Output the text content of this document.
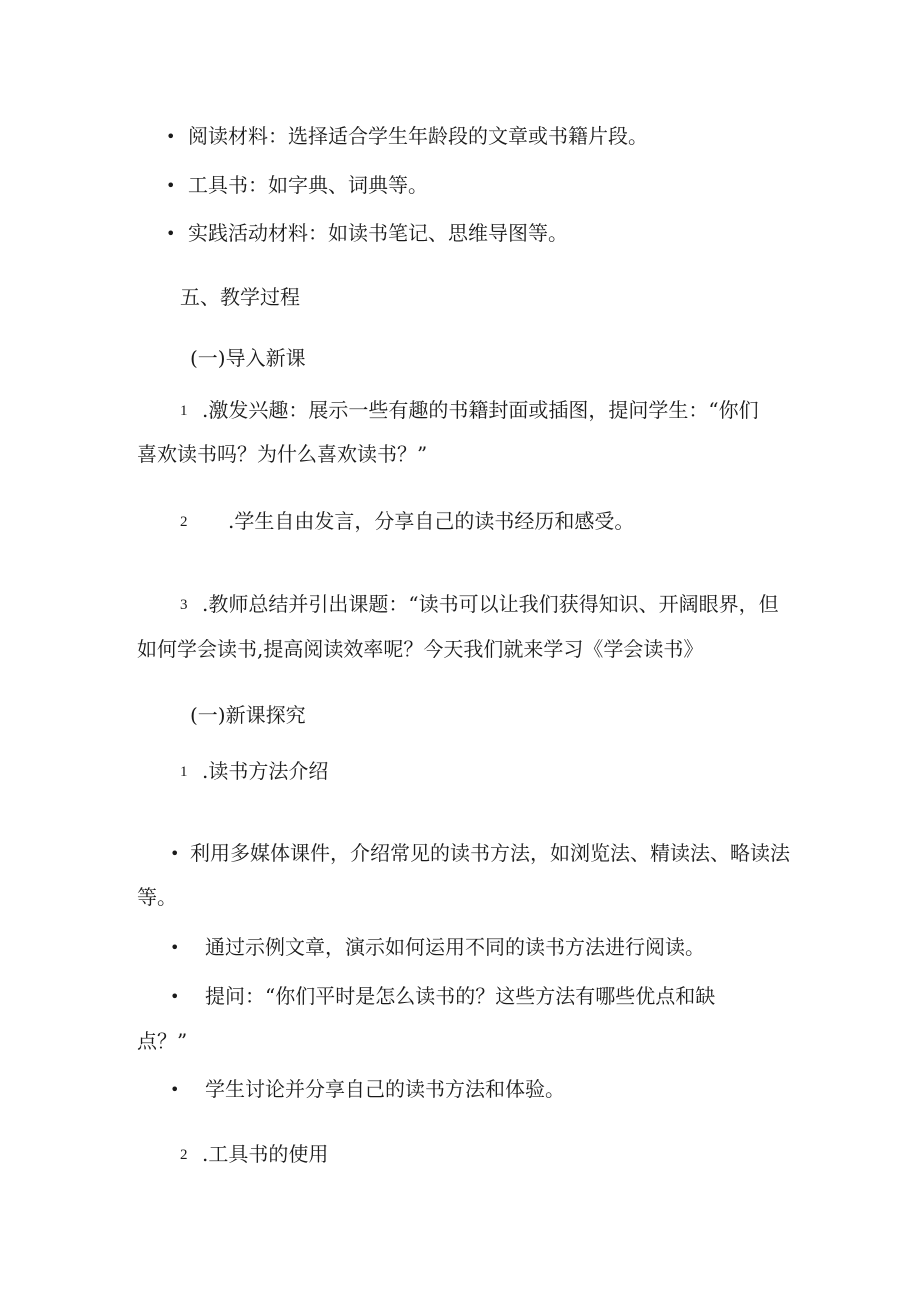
• 阅读材料：选择适合学生年龄段的文章或书籍片段。
• 工具书：如字典、词典等。
• 实践活动材料：如读书笔记、思维导图等。
五、教学过程
(一)导入新课
1 .激发兴趣：展示一些有趣的书籍封面或插图，提问学生：“你们
喜欢读书吗？为什么喜欢读书？”
2 .学生自由发言，分享自己的读书经历和感受。
3 .教师总结并引出课题：“读书可以让我们获得知识、开阔眼界，但
如何学会读书,提高阅读效率呢？今天我们就来学习《学会读书》
(一)新课探究
1 .读书方法介绍
• 利用多媒体课件，介绍常见的读书方法，如浏览法、精读法、略读法
等。
• 通过示例文章，演示如何运用不同的读书方法进行阅读。
• 提问：“你们平时是怎么读书的？这些方法有哪些优点和缺
点？”
• 学生讨论并分享自己的读书方法和体验。
2 .工具书的使用
